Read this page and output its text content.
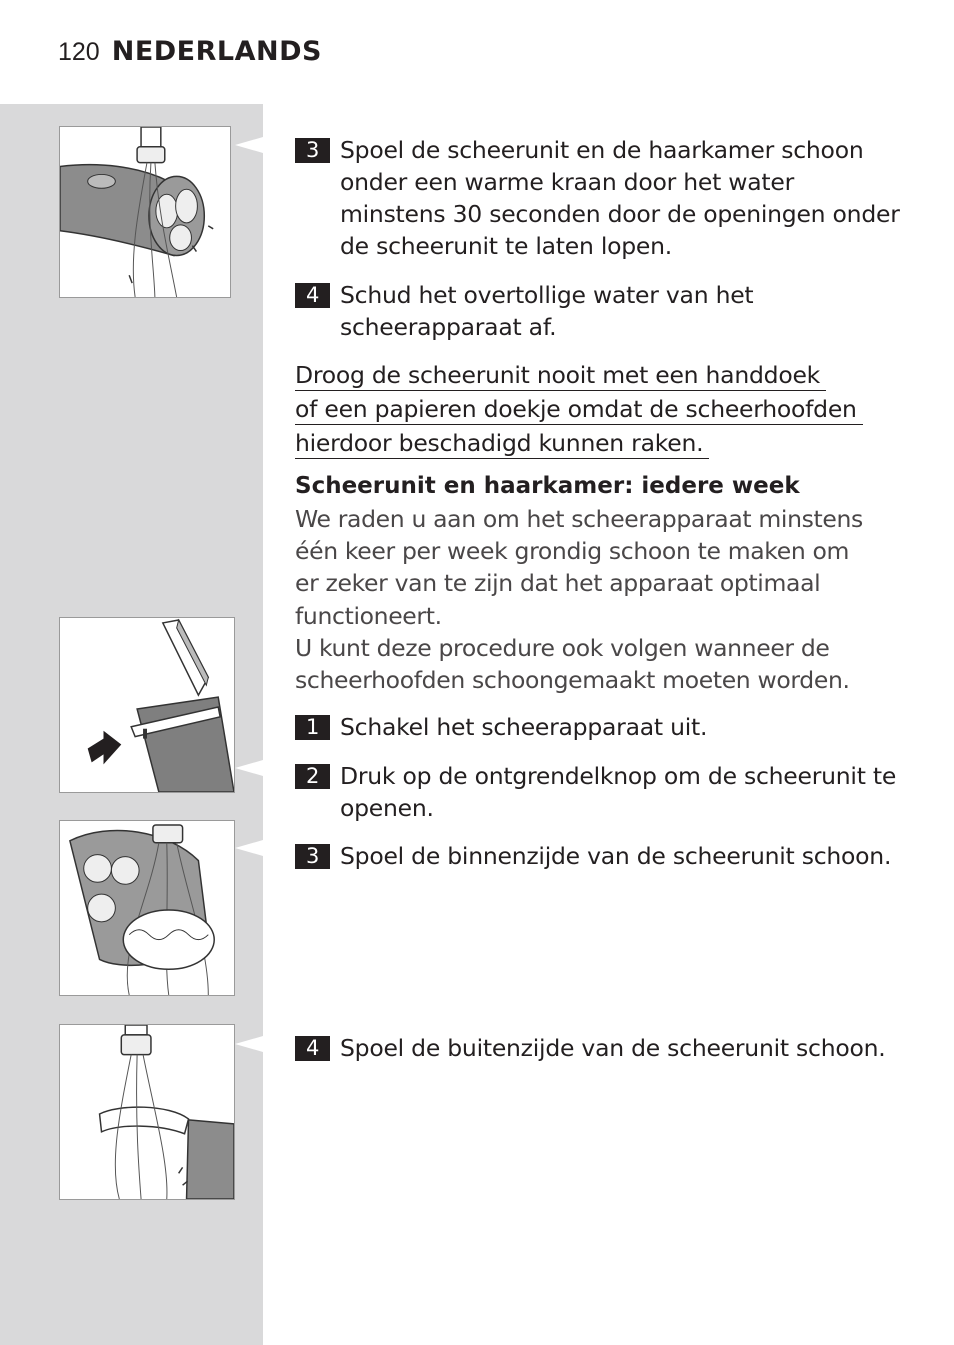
120 NEDERLANDS
3 Spoel de scheerunit en de haarkamer schoon onder een warme kraan door het water minstens 30 seconden door de openingen onder de scheerunit te laten lopen.
4 Schud het overtollige water van het scheerapparaat af.
Droog de scheerunit nooit met een handdoek
of een papieren doekje omdat de scheerhoofden
hierdoor beschadigd kunnen raken.
Scheerunit en haarkamer: iedere week
We raden u aan om het scheerapparaat minstens één keer per week grondig schoon te maken om er zeker van te zijn dat het apparaat optimaal functioneert.
U kunt deze procedure ook volgen wanneer de scheerhoofden schoongemaakt moeten worden.
1 Schakel het scheerapparaat uit.
2 Druk op de ontgrendelknop om de scheerunit te openen.
3 Spoel de binnenzijde van de scheerunit schoon.
4 Spoel de buitenzijde van de scheerunit schoon.
